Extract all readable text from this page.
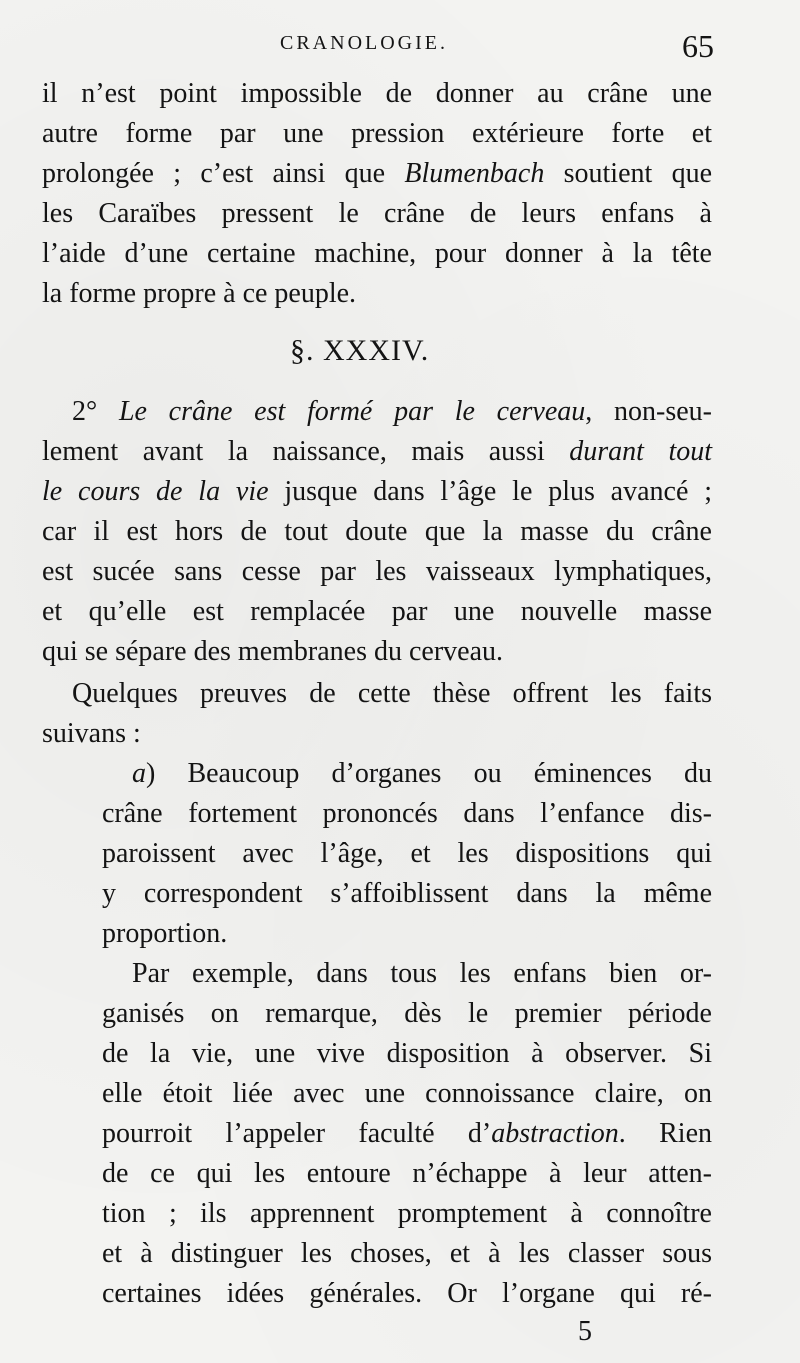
CRANOLOGIE.	65
il n’est point impossible de donner au crâne une
autre forme par une pression extérieure forte et
prolongée ; c’est ainsi que Blumenbach soutient que
les Caraïbes pressent le crâne de leurs enfans à
l’aide d’une certaine machine, pour donner à la tête
la forme propre à ce peuple.
§. XXXIV.
2° Le crâne est formé par le cerveau, non-seu-
lement avant la naissance, mais aussi durant tout
le cours de la vie jusque dans l’âge le plus avancé ;
car il est hors de tout doute que la masse du crâne
est sucée sans cesse par les vaisseaux lymphatiques,
et qu’elle est remplacée par une nouvelle masse
qui se sépare des membranes du cerveau.
Quelques preuves de cette thèse offrent les faits
suivans :
a) Beaucoup d’organes ou éminences du
crâne fortement prononcés dans l’enfance dis-
paroissent avec l’âge, et les dispositions qui
y correspondent s’affoiblissent dans la même
proportion.
Par exemple, dans tous les enfans bien or-
ganisés on remarque, dès le premier période
de la vie, une vive disposition à observer. Si
elle étoit liée avec une connoissance claire, on
pourroit l’appeler faculté d’abstraction. Rien
de ce qui les entoure n’échappe à leur atten-
tion ; ils apprennent promptement à connoître
et à distinguer les choses, et à les classer sous
certaines idées générales. Or l’organe qui ré-
5
